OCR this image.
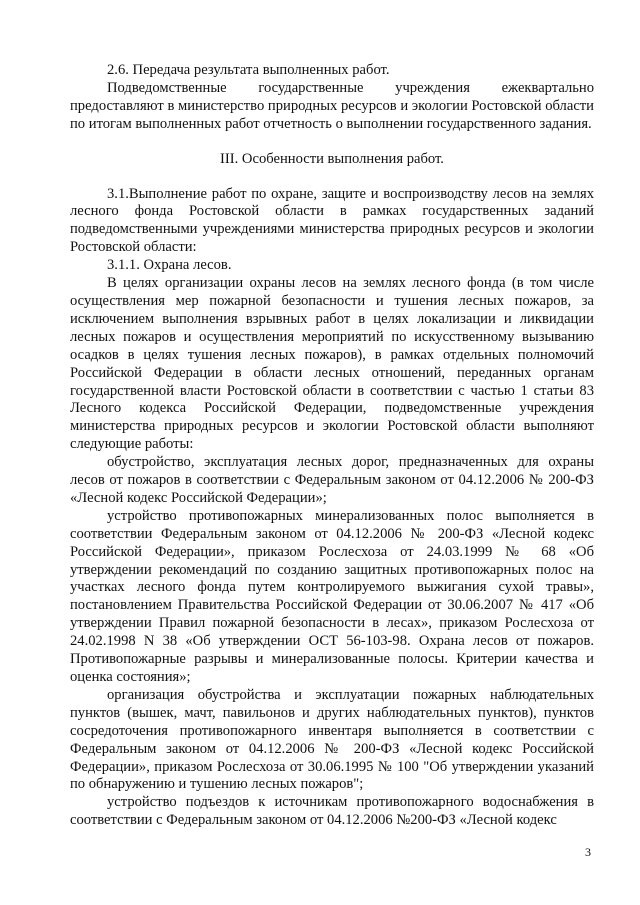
2.6. Передача результата выполненных работ.

Подведомственные государственные учреждения ежеквартально предоставляют в министерство природных ресурсов и экологии Ростовской области по итогам выполненных работ отчетность о выполнении государственного задания.

III. Особенности выполнения работ.

3.1.Выполнение работ по охране, защите и воспроизводству лесов на землях лесного фонда Ростовской области в рамках государственных заданий подведомственными учреждениями министерства природных ресурсов и экологии Ростовской области:

3.1.1. Охрана лесов.

В целях организации охраны лесов на землях лесного фонда (в том числе осуществления мер пожарной безопасности и тушения лесных пожаров, за исключением выполнения взрывных работ в целях локализации и ликвидации лесных пожаров и осуществления мероприятий по искусственному вызыванию осадков в целях тушения лесных пожаров), в рамках отдельных полномочий Российской Федерации в области лесных отношений, переданных органам государственной власти Ростовской области в соответствии с частью 1 статьи 83 Лесного кодекса Российской Федерации, подведомственные учреждения министерства природных ресурсов и экологии Ростовской области выполняют следующие работы:

обустройство, эксплуатация лесных дорог, предназначенных для охраны лесов от пожаров в соответствии с Федеральным законом от 04.12.2006 № 200-ФЗ «Лесной кодекс Российской Федерации»;

устройство противопожарных минерализованных полос выполняется в соответствии Федеральным законом от 04.12.2006 № 200-ФЗ «Лесной кодекс Российской Федерации», приказом Рослесхоза от 24.03.1999 № 68 «Об утверждении рекомендаций по созданию защитных противопожарных полос на участках лесного фонда путем контролируемого выжигания сухой травы», постановлением Правительства Российской Федерации от 30.06.2007 № 417 «Об утверждении Правил пожарной безопасности в лесах», приказом Рослесхоза от 24.02.1998 N 38 «Об утверждении ОСТ 56-103-98. Охрана лесов от пожаров. Противопожарные разрывы и минерализованные полосы. Критерии качества и оценка состояния»;

организация обустройства и эксплуатации пожарных наблюдательных пунктов (вышек, мачт, павильонов и других наблюдательных пунктов), пунктов сосредоточения противопожарного инвентаря выполняется в соответствии с Федеральным законом от 04.12.2006 № 200-ФЗ «Лесной кодекс Российской Федерации», приказом Рослесхоза от 30.06.1995 № 100 "Об утверждении указаний по обнаружению и тушению лесных пожаров";

устройство подъездов к источникам противопожарного водоснабжения в соответствии с Федеральным законом от 04.12.2006 №200-ФЗ «Лесной кодекс

3
